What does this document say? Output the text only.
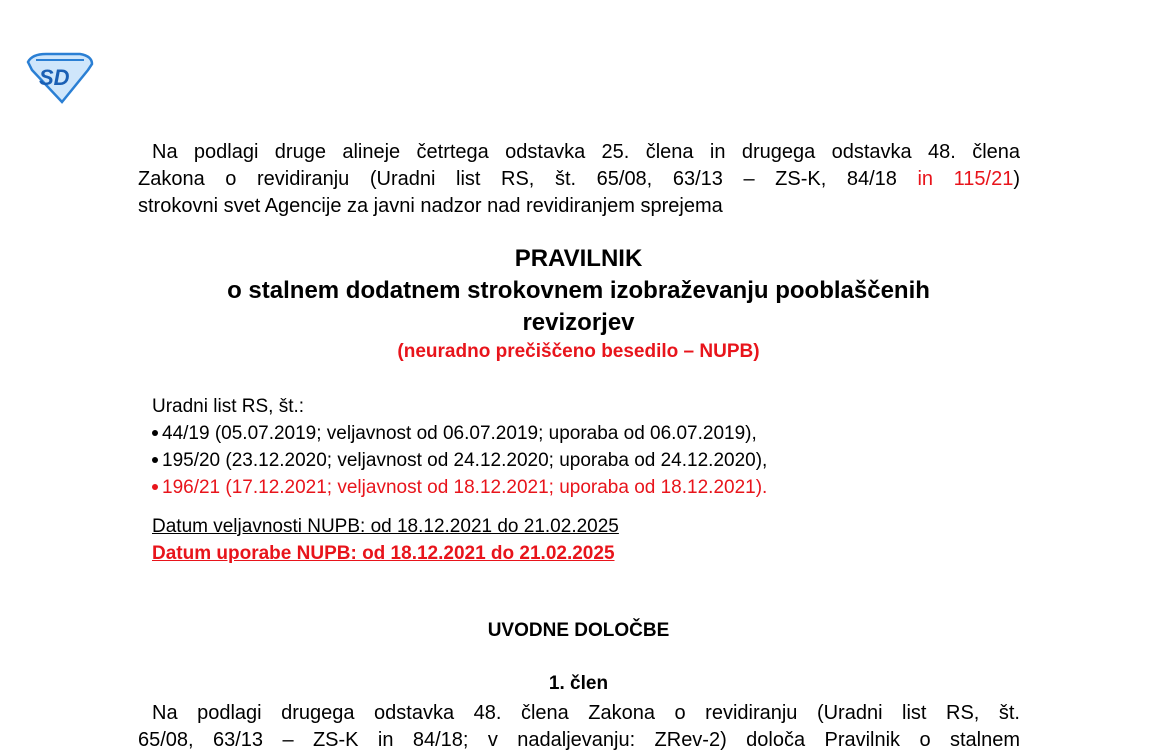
SD
Na podlagi druge alineje četrtega odstavka 25. člena in drugega odstavka 48. člena
Zakona o revidiranju (Uradni list RS, št. 65/08, 63/13 – ZS-K, 84/18 in 115/21)
strokovni svet Agencije za javni nadzor nad revidiranjem sprejema
PRAVILNIK
o stalnem dodatnem strokovnem izobraževanju pooblaščenih
revizorjev
(neuradno prečiščeno besedilo – NUPB)
Uradni list RS, št.:
44/19 (05.07.2019; veljavnost od 06.07.2019; uporaba od 06.07.2019),
195/20 (23.12.2020; veljavnost od 24.12.2020; uporaba od 24.12.2020),
196/21 (17.12.2021; veljavnost od 18.12.2021; uporaba od 18.12.2021).
Datum veljavnosti NUPB: od 18.12.2021 do 21.02.2025
Datum uporabe NUPB: od 18.12.2021 do 21.02.2025
UVODNE DOLOČBE
1. člen
Na podlagi drugega odstavka 48. člena Zakona o revidiranju (Uradni list RS, št.
65/08, 63/13 – ZS-K in 84/18; v nadaljevanju: ZRev-2) določa Pravilnik o stalnem
